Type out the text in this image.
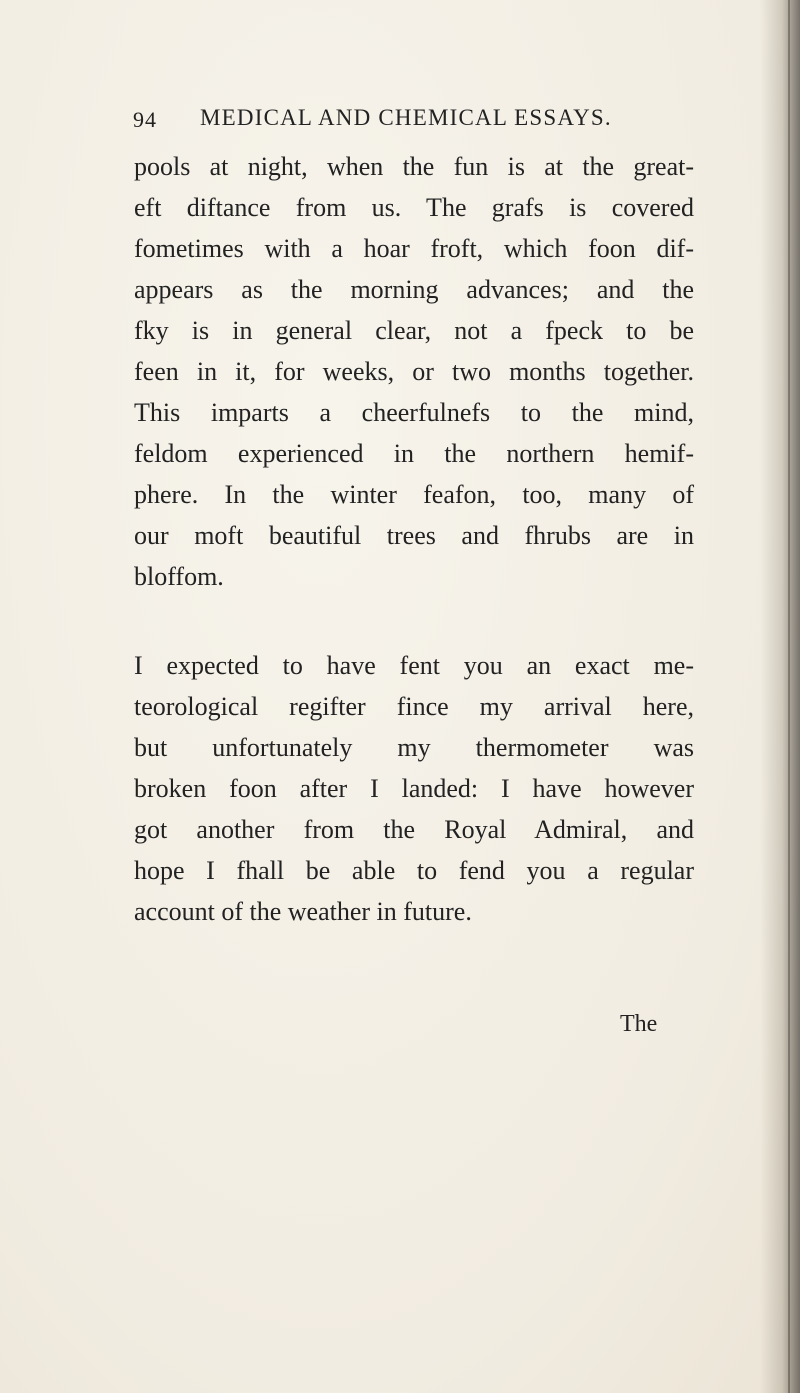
94 MEDICAL AND CHEMICAL ESSAYS.
pools at night, when the fun is at the great-
eft diftance from us. The grafs is covered
fometimes with a hoar froft, which foon dif-
appears as the morning advances; and the
fky is in general clear, not a fpeck to be
feen in it, for weeks, or two months together.
This imparts a cheerfulnefs to the mind,
feldom experienced in the northern hemif-
phere. In the winter feafon, too, many of
our moft beautiful trees and fhrubs are in
bloffom.
I expected to have fent you an exact me-
teorological regifter fince my arrival here,
but unfortunately my thermometer was
broken foon after I landed: I have however
got another from the Royal Admiral, and
hope I fhall be able to fend you a regular
account of the weather in future.
The
